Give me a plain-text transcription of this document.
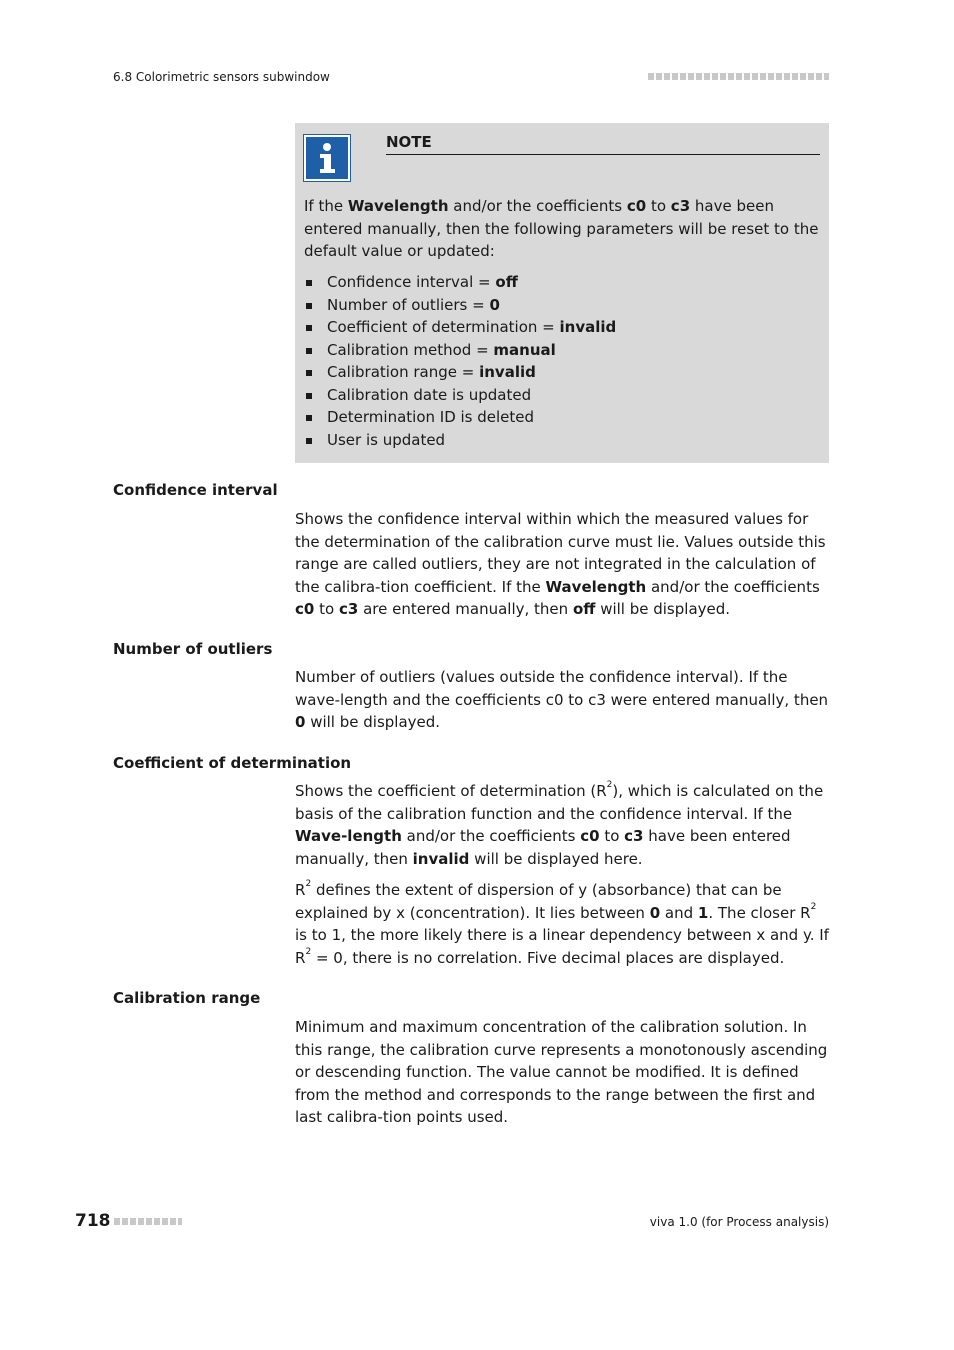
6.8 Colorimetric sensors subwindow
NOTE
If the Wavelength and/or the coefficients c0 to c3 have been entered manually, then the following parameters will be reset to the default value or updated:
Confidence interval = off
Number of outliers = 0
Coefficient of determination = invalid
Calibration method = manual
Calibration range = invalid
Calibration date is updated
Determination ID is deleted
User is updated
Confidence interval
Shows the confidence interval within which the measured values for the determination of the calibration curve must lie. Values outside this range are called outliers, they are not integrated in the calculation of the calibra-tion coefficient. If the Wavelength and/or the coefficients c0 to c3 are entered manually, then off will be displayed.
Number of outliers
Number of outliers (values outside the confidence interval). If the wave-length and the coefficients c0 to c3 were entered manually, then 0 will be displayed.
Coefficient of determination
Shows the coefficient of determination $(R^2)$, which is calculated on the basis of the calibration function and the confidence interval. If the Wave-length and/or the coefficients c0 to c3 have been entered manually, then invalid will be displayed here.
$R^2$ defines the extent of dispersion of y (absorbance) that can be explained by x (concentration). It lies between 0 and 1. The closer $R^2$ is to 1, the more likely there is a linear dependency between x and y. If $R^2 = 0$, there is no correlation. Five decimal places are displayed.
Calibration range
Minimum and maximum concentration of the calibration solution. In this range, the calibration curve represents a monotonously ascending or descending function. The value cannot be modified. It is defined from the method and corresponds to the range between the first and last calibra-tion points used.
718	viva 1.0 (for Process analysis)
